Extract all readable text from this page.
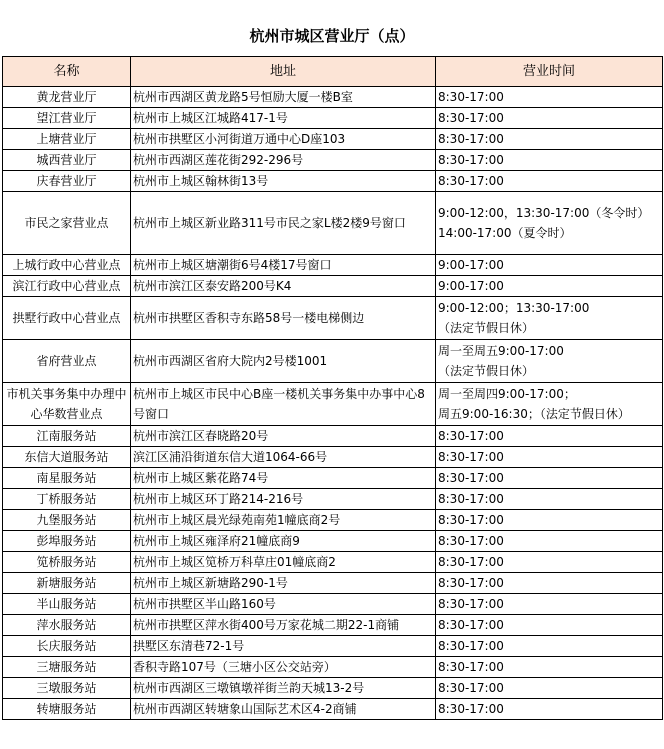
杭州市城区营业厅（点）
名称	地址	营业时间
黄龙营业厅	杭州市西湖区黄龙路5号恒励大厦一楼B室	8:30-17:00

望江营业厅	杭州市上城区江城路417-1号	8:30-17:00

上塘营业厅	杭州市拱墅区小河街道万通中心D座103	8:30-17:00

城西营业厅	杭州市西湖区莲花街292-296号	8:30-17:00

庆春营业厅	杭州市上城区翰林街13号	8:30-17:00

市民之家营业点	杭州市上城区新业路311号市民之家L楼2楼9号窗口	9:00-12:00，13:30-17:00（冬令时）
14:00-17:00（夏令时）

上城行政中心营业点	杭州市上城区塘潮街6号4楼17号窗口	9:00-17:00

滨江行政中心营业点	杭州市滨江区泰安路200号K4	9:00-17:00

拱墅行政中心营业点	杭州市拱墅区香积寺东路58号一楼电梯侧边	9:00-12:00；13:30-17:00
（法定节假日休）

省府营业点	杭州市西湖区省府大院内2号楼1001	周一至周五9:00-17:00
（法定节假日休）

市机关事务集中办理中心华数营业点	杭州市上城区市民中心B座一楼机关事务集中办事中心8号窗口	周一至周四9:00-17:00；
周五9:00-16:30；（法定节假日休）

江南服务站	杭州市滨江区春晓路20号	8:30-17:00

东信大道服务站	滨江区浦沿街道东信大道1064-66号	8:30-17:00

南星服务站	杭州市上城区紫花路74号	8:30-17:00

丁桥服务站	杭州市上城区环丁路214-216号	8:30-17:00

九堡服务站	杭州市上城区晨光绿苑南苑1幢底商2号	8:30-17:00

彭埠服务站	杭州市上城区雍泽府21幢底商9	8:30-17:00

笕桥服务站	杭州市上城区笕桥万科草庄01幢底商2	8:30-17:00

新塘服务站	杭州市上城区新塘路290-1号	8:30-17:00

半山服务站	杭州市拱墅区半山路160号	8:30-17:00

萍水服务站	杭州市拱墅区萍水街400号万家花城二期22-1商铺	8:30-17:00

长庆服务站	拱墅区东清巷72-1号	8:30-17:00

三塘服务站	香积寺路107号（三塘小区公交站旁）	8:30-17:00

三墩服务站	杭州市西湖区三墩镇墩祥街兰韵天城13-2号	8:30-17:00

转塘服务站	杭州市西湖区转塘象山国际艺术区4-2商铺	8:30-17:00
